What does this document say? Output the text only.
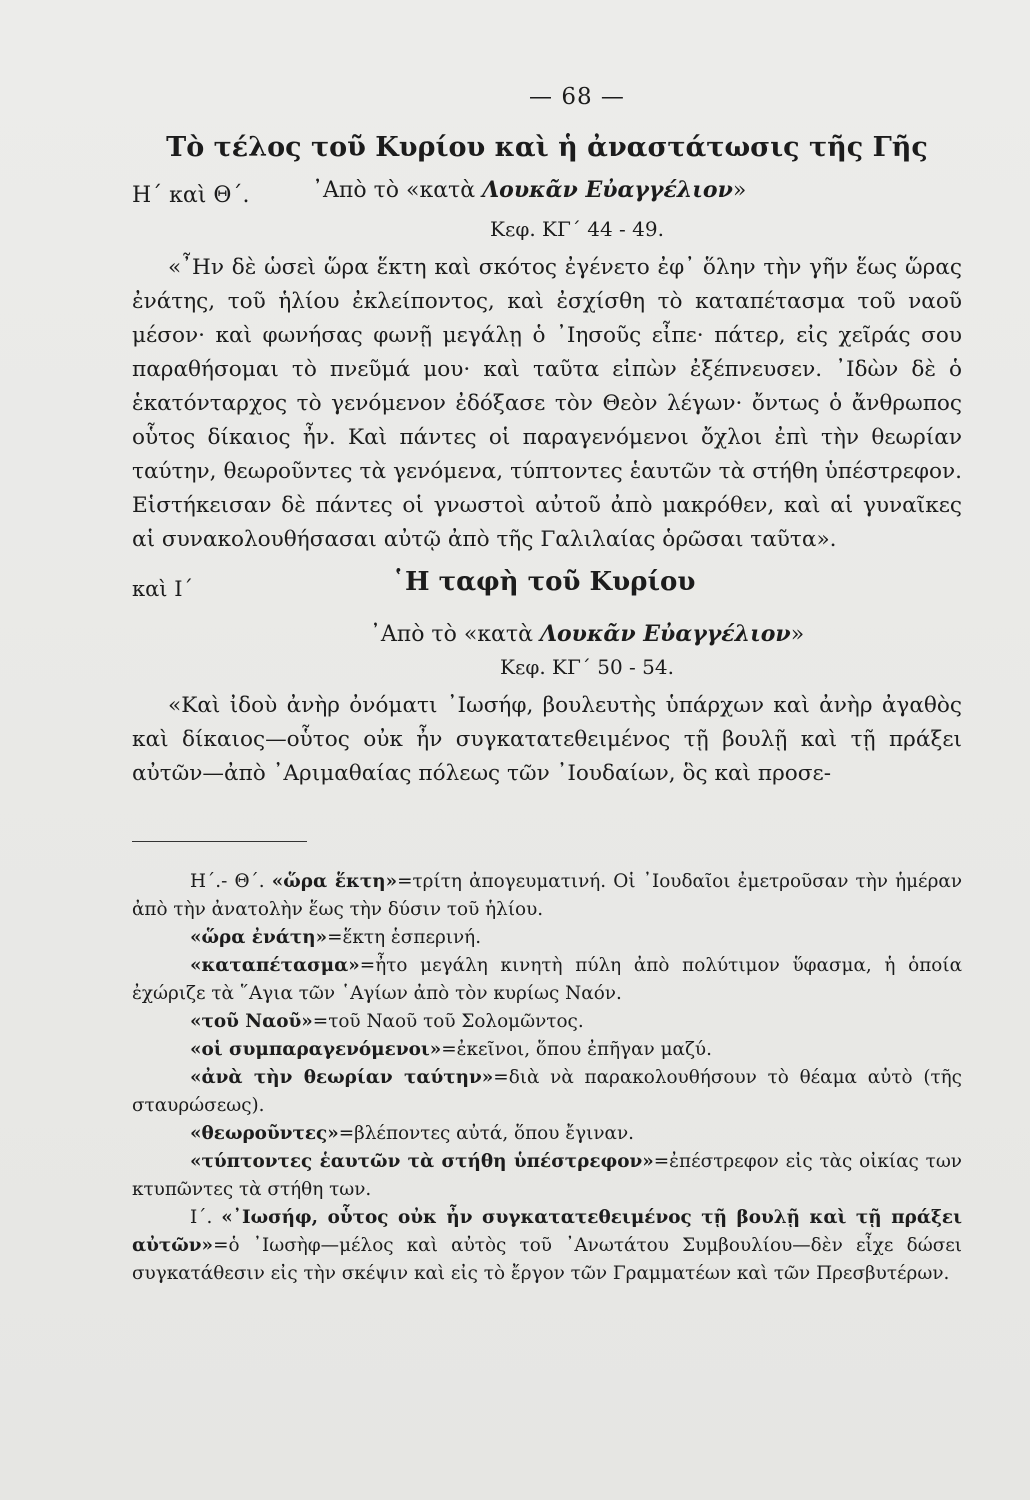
— 68 —
Τὸ τέλος τοῦ Κυρίου καὶ ἡ ἀναστάτωσις τῆς Γῆς
Η΄ καὶ Θ΄.	᾿Απὸ τὸ «κατὰ Λουκᾶν Εὐαγγέλιον»
Κεφ. ΚΓ΄ 44 - 49.

«῏Ην δὲ ὡσεὶ ὥρα ἕκτη καὶ σκότος ἐγένετο ἐφ᾿ ὅλην τὴν γῆν ἕως ὥρας ἐνάτης, τοῦ ἡλίου ἐκλείποντος, καὶ ἐσχίσθη τὸ καταπέτασμα τοῦ ναοῦ μέσον· καὶ φωνήσας φωνῇ μεγάλῃ ὁ ᾿Ιησοῦς εἶπε· πάτερ, εἰς χεῖράς σου παραθήσομαι τὸ πνεῦμά μου· καὶ ταῦτα εἰπὼν ἐξέπνευσεν. ᾿Ιδὼν δὲ ὁ ἑκατόνταρχος τὸ γενόμενον ἐδόξασε τὸν Θεὸν λέγων· ὄντως ὁ ἄνθρωπος οὗτος δίκαιος ἦν. Καὶ πάντες οἱ παραγενόμενοι ὄχλοι ἐπὶ τὴν θεωρίαν ταύτην, θεωροῦντες τὰ γενόμενα, τύπτοντες ἑαυτῶν τὰ στήθη ὑπέστρεφον. Εἱστήκεισαν δὲ πάντες οἱ γνωστοὶ αὐτοῦ ἀπὸ μακρόθεν, καὶ αἱ γυναῖκες αἱ συνακολουθήσασαι αὐτῷ ἀπὸ τῆς Γαλιλαίας ὁρῶσαι ταῦτα».

καὶ Ι΄	῾Η ταφὴ τοῦ Κυρίου
᾿Απὸ τὸ «κατὰ Λουκᾶν Εὐαγγέλιον»
Κεφ. ΚΓ΄ 50 - 54.

«Καὶ ἰδοὺ ἀνὴρ ὀνόματι ᾿Ιωσήφ, βουλευτὴς ὑπάρχων καὶ ἀνὴρ ἀγαθὸς καὶ δίκαιος—οὗτος οὐκ ἦν συγκατατεθειμένος τῇ βουλῇ καὶ τῇ πράξει αὐτῶν—ἀπὸ ᾿Αριμαθαίας πόλεως τῶν ᾿Ιουδαίων, ὃς καὶ προσε-

Η΄.- Θ΄. «ὥρα ἕκτη»=τρίτη ἀπογευματινή. Οἱ ᾿Ιουδαῖοι ἐμετροῦσαν τὴν ἡμέραν ἀπὸ τὴν ἀνατολὴν ἕως τὴν δύσιν τοῦ ἡλίου.

«ὥρα ἐνάτη»=ἕκτη ἑσπερινή.

«καταπέτασμα»=ἦτο μεγάλη κινητὴ πύλη ἀπὸ πολύτιμον ὕφασμα, ἡ ὁποία ἐχώριζε τὰ ῞Αγια τῶν ῾Αγίων ἀπὸ τὸν κυρίως Ναόν.

«τοῦ Ναοῦ»=τοῦ Ναοῦ τοῦ Σολομῶντος.

«οἱ συμπαραγενόμενοι»=ἐκεῖνοι, ὅπου ἐπῆγαν μαζύ.

«ἀνὰ τὴν θεωρίαν ταύτην»=διὰ νὰ παρακολουθήσουν τὸ θέαμα αὐτὸ (τῆς σταυρώσεως).

«θεωροῦντες»=βλέποντες αὐτά, ὅπου ἔγιναν.

«τύπτοντες ἑαυτῶν τὰ στήθη ὑπέστρεφον»=ἐπέστρεφον εἰς τὰς οἰκίας των κτυπῶντες τὰ στήθη των.

Ι΄. «᾿Ιωσήφ, οὗτος οὐκ ἦν συγκατατεθειμένος τῇ βουλῇ καὶ τῇ πράξει αὐτῶν»=ὁ ᾿Ιωσὴφ—μέλος καὶ αὐτὸς τοῦ ᾿Ανωτάτου Συμβουλίου—δὲν εἶχε δώσει συγκατάθεσιν εἰς τὴν σκέψιν καὶ εἰς τὸ ἔργον τῶν Γραμματέων καὶ τῶν Πρεσβυτέρων.
